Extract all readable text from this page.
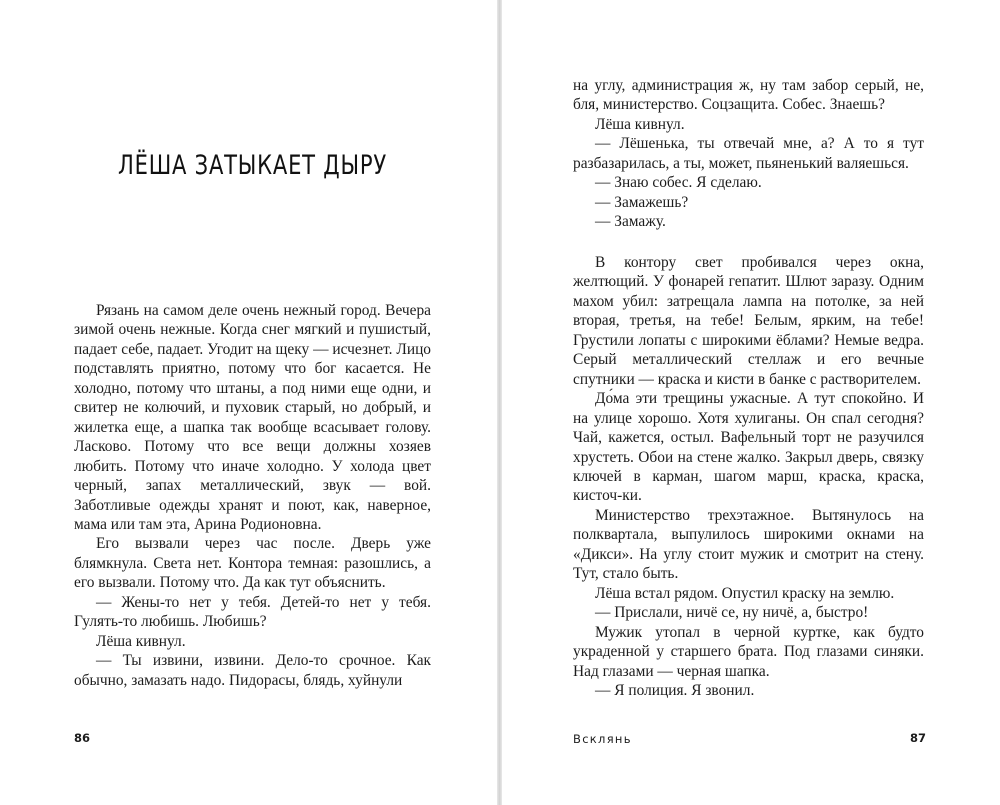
ЛЁША ЗАТЫКАЕТ ДЫРУ

Рязань на самом деле очень нежный город. Вечера зимой очень нежные. Когда снег мягкий и пушистый, падает себе, падает. Угодит на щеку — исчезнет. Лицо подставлять приятно, потому что бог касается. Не холодно, потому что штаны, а под ними еще одни, и свитер не колючий, и пуховик старый, но добрый, и жилетка еще, а шапка так вообще всасывает голову. Ласково. Потому что все вещи должны хозяев любить. Потому что иначе холодно. У холода цвет черный, запах металлический, звук — вой. Заботливые одежды хранят и поют, как, наверное, мама или там эта, Арина Родионовна.

Его вызвали через час после. Дверь уже блямкнула. Света нет. Контора темная: разошлись, а его вызвали. Потому что. Да как тут объяснить.

— Жены-то нет у тебя. Детей-то нет у тебя. Гулять-то любишь. Любишь?

Лёша кивнул.

— Ты извини, извини. Дело-то срочное. Как обычно, замазать надо. Пидорасы, блядь, хуйнули

86

на углу, администрация ж, ну там забор серый, не, бля, министерство. Соцзащита. Собес. Знаешь?

Лёша кивнул.

— Лёшенька, ты отвечай мне, а? А то я тут разбазарилась, а ты, может, пьяненький валяешься.

— Знаю собес. Я сделаю.

— Замажешь?

— Замажу.

В контору свет пробивался через окна, желтющий. У фонарей гепатит. Шлют заразу. Одним махом убил: затрещала лампа на потолке, за ней вторая, третья, на тебе! Белым, ярким, на тебе! Грустили лопаты с широкими ёблами? Немые ведра. Серый металлический стеллаж и его вечные спутники — краска и кисти в банке с растворителем.

До́ма эти трещины ужасные. А тут спокойно. И на улице хорошо. Хотя хулиганы. Он спал сегодня? Чай, кажется, остыл. Вафельный торт не разучился хрустеть. Обои на стене жалко. Закрыл дверь, связку ключей в карман, шагом марш, краска, краска, кисточ-ки.

Министерство трехэтажное. Вытянулось на полквартала, выпулилось широкими окнами на «Дикси». На углу стоит мужик и смотрит на стену. Тут, стало быть.

Лёша встал рядом. Опустил краску на землю.

— Прислали, ничё се, ну ничё, а, быстро!

Мужик утопал в черной куртке, как будто украденной у старшего брата. Под глазами синяки. Над глазами — черная шапка.

— Я полиция. Я звонил.

Всклянь	87
